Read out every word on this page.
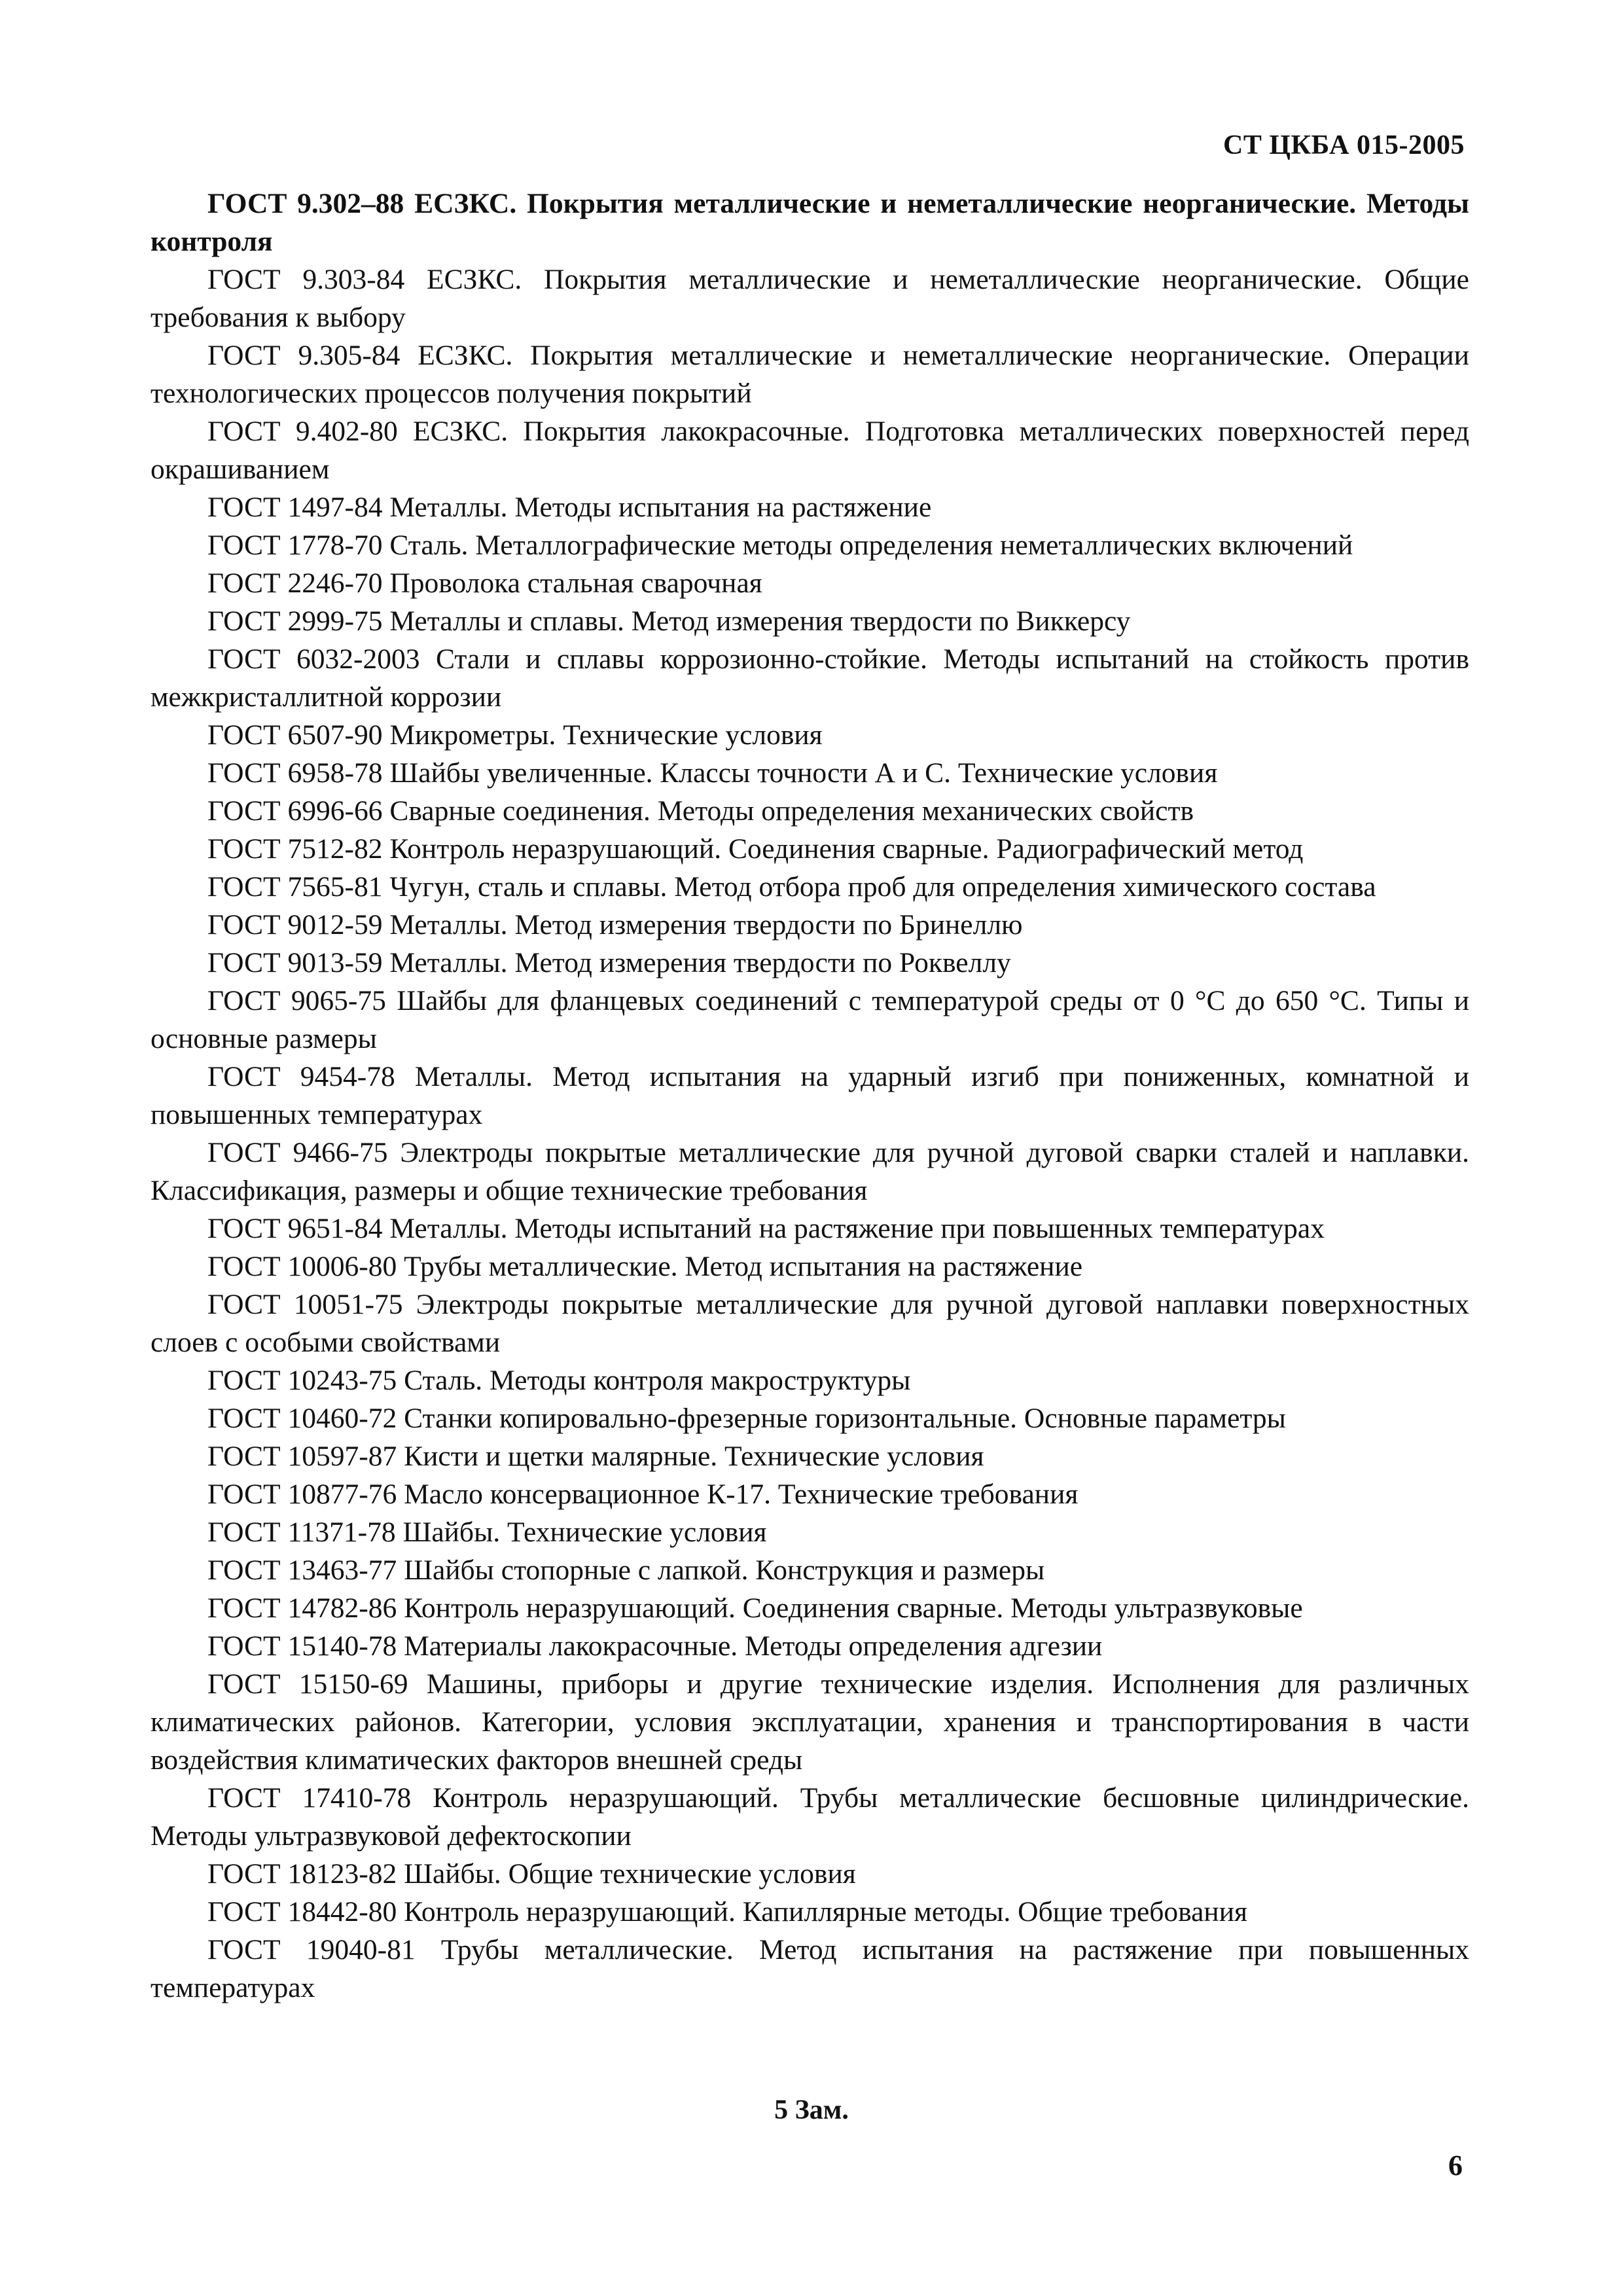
СТ ЦКБА 015-2005

ГОСТ 9.302–88 ЕСЗКС. Покрытия металлические и неметаллические неорганические. Методы контроля

ГОСТ 9.303-84 ЕСЗКС. Покрытия металлические и неметаллические неорганические. Общие требования к выбору

ГОСТ 9.305-84 ЕСЗКС. Покрытия металлические и неметаллические неорганические. Операции технологических процессов получения покрытий

ГОСТ 9.402-80 ЕСЗКС. Покрытия лакокрасочные. Подготовка металлических поверхностей перед окрашиванием

ГОСТ 1497-84 Металлы. Методы испытания на растяжение

ГОСТ 1778-70 Сталь. Металлографические методы определения неметаллических включений

ГОСТ 2246-70 Проволока стальная сварочная

ГОСТ 2999-75 Металлы и сплавы. Метод измерения твердости по Виккерсу

ГОСТ 6032-2003 Стали и сплавы коррозионно-стойкие. Методы испытаний на стойкость против межкристаллитной коррозии

ГОСТ 6507-90 Микрометры. Технические условия

ГОСТ 6958-78 Шайбы увеличенные. Классы точности А и С. Технические условия

ГОСТ 6996-66 Сварные соединения. Методы определения механических свойств

ГОСТ 7512-82 Контроль неразрушающий. Соединения сварные. Радиографический метод

ГОСТ 7565-81 Чугун, сталь и сплавы. Метод отбора проб для определения химического состава

ГОСТ 9012-59 Металлы. Метод измерения твердости по Бринеллю

ГОСТ 9013-59 Металлы. Метод измерения твердости по Роквеллу

ГОСТ 9065-75 Шайбы для фланцевых соединений с температурой среды от 0 °С до 650 °С. Типы и основные размеры

ГОСТ 9454-78 Металлы. Метод испытания на ударный изгиб при пониженных, комнатной и повышенных температурах

ГОСТ 9466-75 Электроды покрытые металлические для ручной дуговой сварки сталей и наплавки. Классификация, размеры и общие технические требования

ГОСТ 9651-84 Металлы. Методы испытаний на растяжение при повышенных температурах

ГОСТ 10006-80 Трубы металлические. Метод испытания на растяжение

ГОСТ 10051-75 Электроды покрытые металлические для ручной дуговой наплавки поверхностных слоев с особыми свойствами

ГОСТ 10243-75 Сталь. Методы контроля макроструктуры

ГОСТ 10460-72 Станки копировально-фрезерные горизонтальные. Основные параметры

ГОСТ 10597-87 Кисти и щетки малярные. Технические условия

ГОСТ 10877-76 Масло консервационное К-17. Технические требования

ГОСТ 11371-78 Шайбы. Технические условия

ГОСТ 13463-77 Шайбы стопорные с лапкой. Конструкция и размеры

ГОСТ 14782-86 Контроль неразрушающий. Соединения сварные. Методы ультразвуковые

ГОСТ 15140-78 Материалы лакокрасочные. Методы определения адгезии

ГОСТ 15150-69 Машины, приборы и другие технические изделия. Исполнения для различных климатических районов. Категории, условия эксплуатации, хранения и транспортирования в части воздействия климатических факторов внешней среды

ГОСТ 17410-78 Контроль неразрушающий. Трубы металлические бесшовные цилиндрические. Методы ультразвуковой дефектоскопии

ГОСТ 18123-82 Шайбы. Общие технические условия

ГОСТ 18442-80 Контроль неразрушающий. Капиллярные методы. Общие требования

ГОСТ 19040-81 Трубы металлические. Метод испытания на растяжение при повышенных температурах

5 Зам.
6
